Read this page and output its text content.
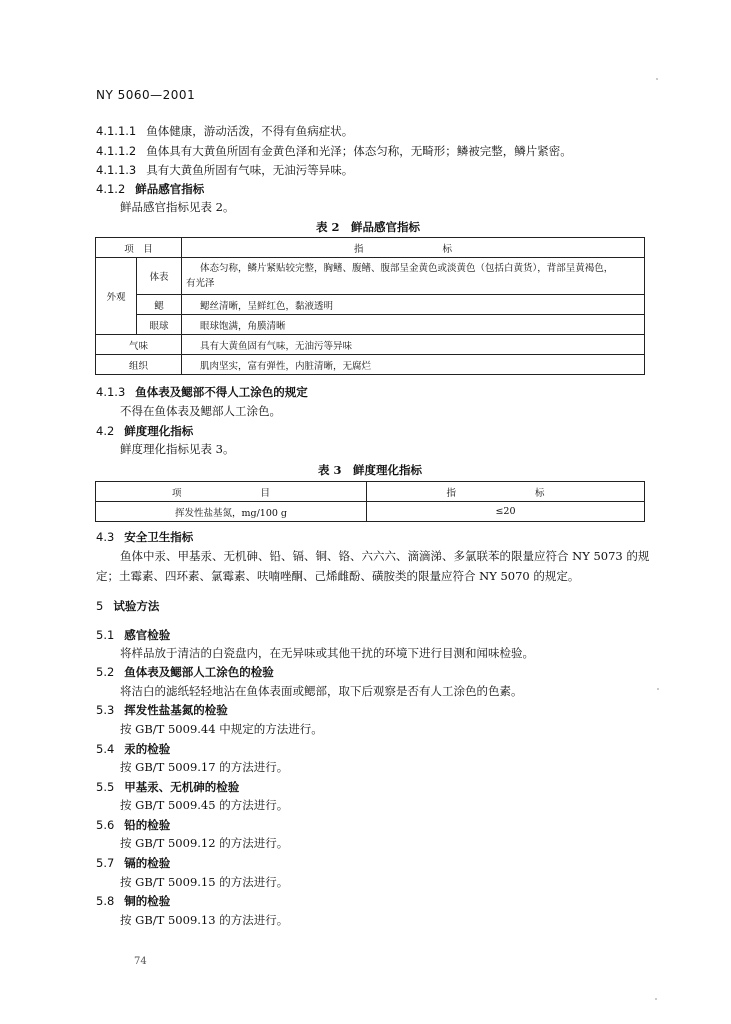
NY 5060—2001
4.1.1.1 鱼体健康，游动活泼，不得有鱼病症状。
4.1.1.2 鱼体具有大黄鱼所固有金黄色泽和光泽；体态匀称，无畸形；鳞被完整，鳞片紧密。
4.1.1.3 具有大黄鱼所固有气味，无油污等异味。
4.1.2 鲜品感官指标
鲜品感官指标见表 2。
表 2　鲜品感官指标
项　目		指　　标
外观	体表	体态匀称，鳞片紧贴较完整，胸鳍、腹鳍、腹部呈金黄色或淡黄色（包括白黄货），背部呈黄褐色，
有光泽

	鳃	鳃丝清晰，呈鲜红色，黏液透明
	眼球	眼球饱满，角膜清晰
气味		具有大黄鱼固有气味，无油污等异味
组织		肌肉坚实，富有弹性，内脏清晰，无腐烂
4.1.3 鱼体表及鳃部不得人工涂色的规定
不得在鱼体表及鳃部人工涂色。
4.2 鲜度理化指标
鲜度理化指标见表 3。
表 3　鲜度理化指标
项　　目	指　　标
挥发性盐基氮，mg/100 g	≤20
4.3 安全卫生指标
鱼体中汞、甲基汞、无机砷、铅、镉、铜、铬、六六六、滴滴涕、多氯联苯的限量应符合 NY 5073 的规
定；土霉素、四环素、氯霉素、呋喃唑酮、己烯雌酚、磺胺类的限量应符合 NY 5070 的规定。
5 试验方法
5.1 感官检验
将样品放于清洁的白瓷盘内，在无异味或其他干扰的环境下进行目测和闻味检验。
5.2 鱼体表及鳃部人工涂色的检验
将洁白的滤纸轻轻地沾在鱼体表面或鳃部，取下后观察是否有人工涂色的色素。
5.3 挥发性盐基氮的检验
按 GB/T 5009.44 中规定的方法进行。
5.4 汞的检验
按 GB/T 5009.17 的方法进行。
5.5 甲基汞、无机砷的检验
按 GB/T 5009.45 的方法进行。
5.6 铅的检验
按 GB/T 5009.12 的方法进行。
5.7 镉的检验
按 GB/T 5009.15 的方法进行。
5.8 铜的检验
按 GB/T 5009.13 的方法进行。
74
